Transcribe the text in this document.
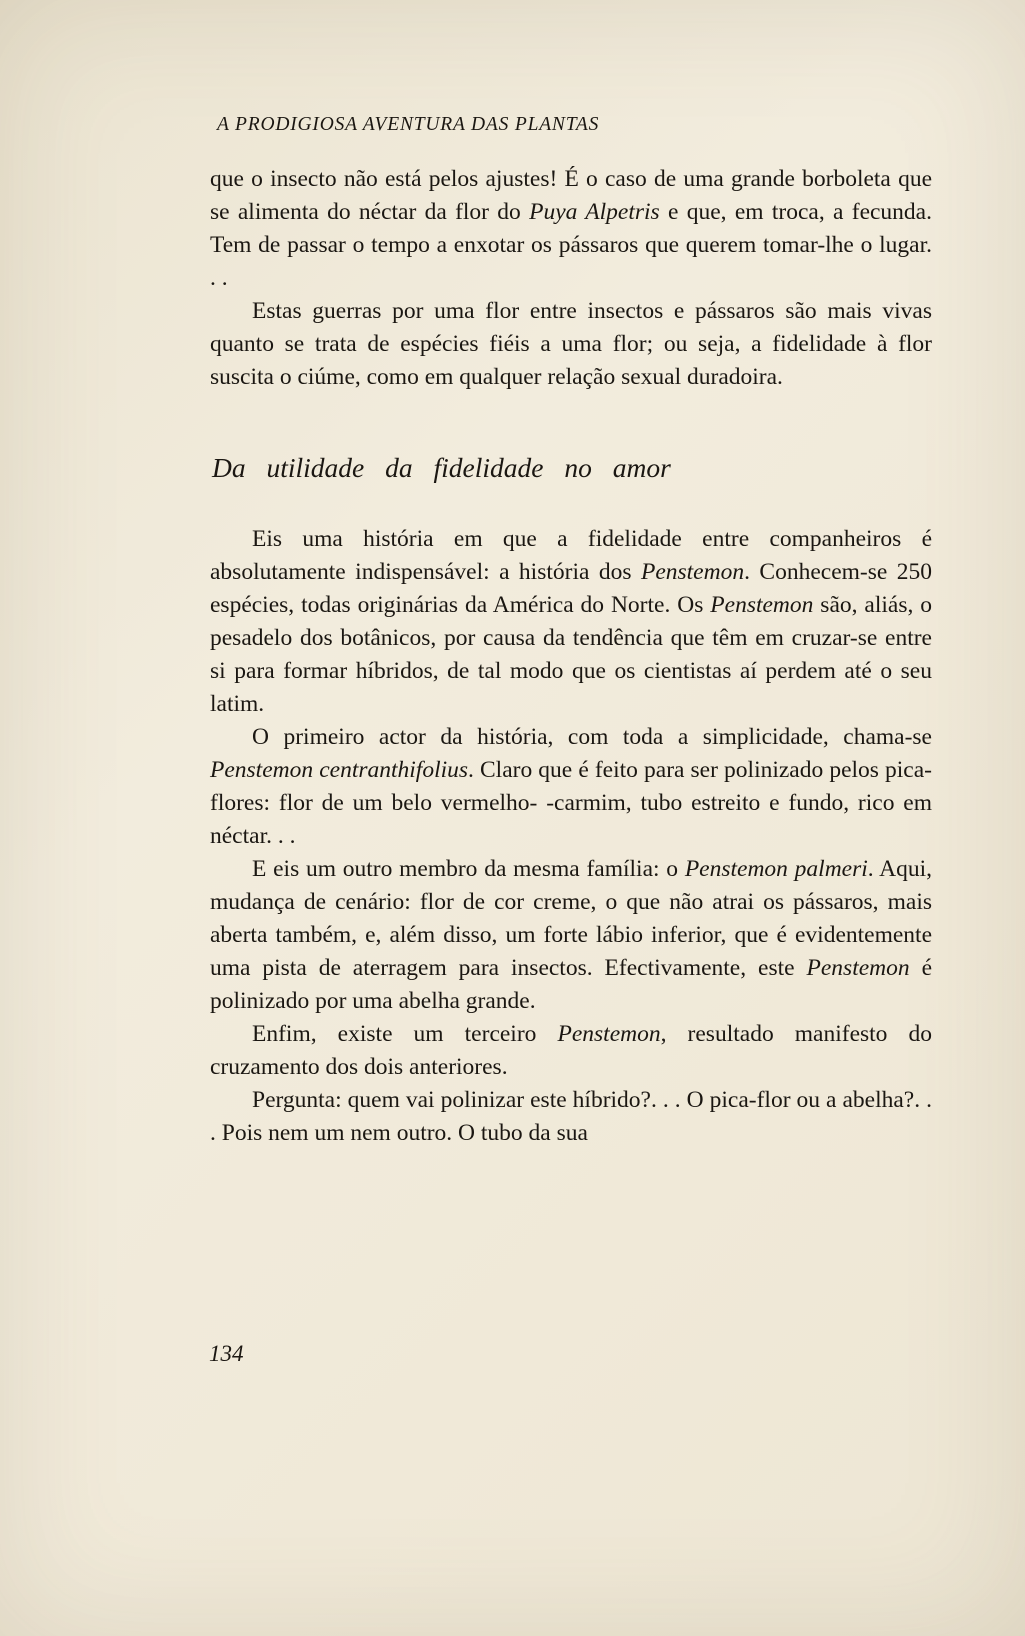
A PRODIGIOSA AVENTURA DAS PLANTAS

que o insecto não está pelos ajustes! É o caso de uma grande borboleta que se alimenta do néctar da flor do Puya Alpetris e que, em troca, a fecunda. Tem de passar o tempo a enxotar os pássaros que querem tomar-lhe o lugar. . .

Estas guerras por uma flor entre insectos e pássaros são mais vivas quanto se trata de espécies fiéis a uma flor; ou seja, a fidelidade à flor suscita o ciúme, como em qualquer relação sexual duradoira.

Da utilidade da fidelidade no amor

Eis uma história em que a fidelidade entre companheiros é absolutamente indispensável: a história dos Penstemon. Conhecem-se 250 espécies, todas originárias da América do Norte. Os Penstemon são, aliás, o pesadelo dos botânicos, por causa da tendência que têm em cruzar-se entre si para formar híbridos, de tal modo que os cientistas aí perdem até o seu latim.

O primeiro actor da história, com toda a simplicidade, chama-se Penstemon centranthifolius. Claro que é feito para ser polinizado pelos pica-flores: flor de um belo vermelho- -carmim, tubo estreito e fundo, rico em néctar. . .

E eis um outro membro da mesma família: o Penstemon palmeri. Aqui, mudança de cenário: flor de cor creme, o que não atrai os pássaros, mais aberta também, e, além disso, um forte lábio inferior, que é evidentemente uma pista de aterragem para insectos. Efectivamente, este Penstemon é polinizado por uma abelha grande.

Enfim, existe um terceiro Penstemon, resultado manifesto do cruzamento dos dois anteriores.

Pergunta: quem vai polinizar este híbrido?. . . O pica-flor ou a abelha?. . . Pois nem um nem outro. O tubo da sua

134
